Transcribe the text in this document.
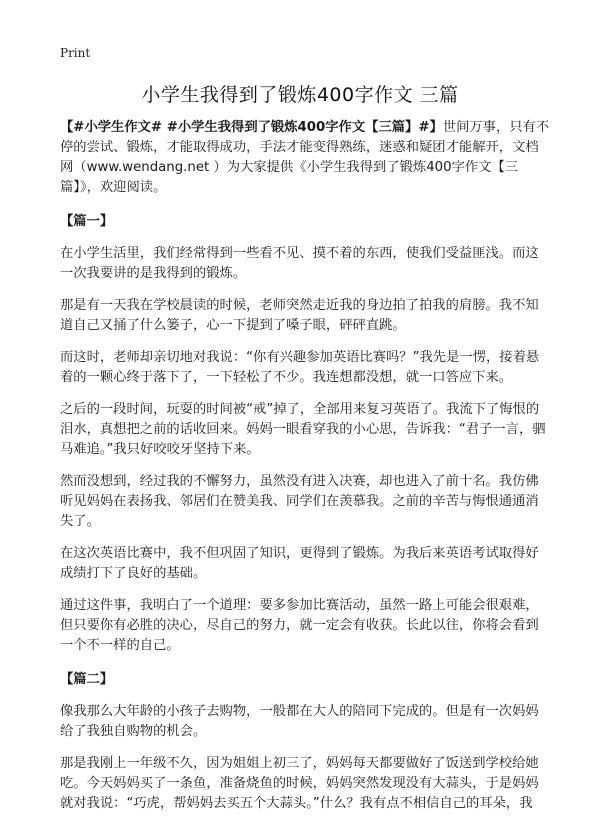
Print
小学生我得到了锻炼400字作文 三篇

【#小学生作文# #小学生我得到了锻炼400字作文【三篇】#】世间万事，只有不停的尝试、锻炼，才能取得成功，手法才能变得熟练，迷惑和疑团才能解开，文档网（www.wendang.net ）为大家提供《小学生我得到了锻炼400字作文【三篇】》，欢迎阅读。

【篇一】

在小学生活里，我们经常得到一些看不见、摸不着的东西，使我们受益匪浅。而这一次我要讲的是我得到的锻炼。

那是有一天我在学校晨读的时候，老师突然走近我的身边拍了拍我的肩膀。我不知道自己又捅了什么篓子，心一下提到了嗓子眼，砰砰直跳。

而这时，老师却亲切地对我说：“你有兴趣参加英语比赛吗？”我先是一愣，接着悬着的一颗心终于落下了，一下轻松了不少。我连想都没想，就一口答应下来。

之后的一段时间，玩耍的时间被“戒”掉了，全部用来复习英语了。我流下了悔恨的泪水，真想把之前的话收回来。妈妈一眼看穿我的小心思，告诉我：“君子一言，驷马难追。”我只好咬咬牙坚持下来。

然而没想到，经过我的不懈努力，虽然没有进入决赛，却也进入了前十名。我仿佛听见妈妈在表扬我、邻居们在赞美我、同学们在羡慕我。之前的辛苦与悔恨通通消失了。

在这次英语比赛中，我不但巩固了知识，更得到了锻炼。为我后来英语考试取得好成绩打下了良好的基础。

通过这件事，我明白了一个道理：要多参加比赛活动，虽然一路上可能会很艰难，但只要你有必胜的决心，尽自己的努力，就一定会有收获。长此以往，你将会看到一个不一样的自己。

【篇二】

像我那么大年龄的小孩子去购物，一般都在大人的陪同下完成的。但是有一次妈妈给了我独自购物的机会。

那是我刚上一年级不久，因为姐姐上初三了，妈妈每天都要做好了饭送到学校给她吃。今天妈妈买了一条鱼，准备烧鱼的时候，妈妈突然发现没有大蒜头，于是妈妈就对我说：“巧虎，帮妈妈去买五个大蒜头。”什么？我有点不相信自己的耳朵，我
